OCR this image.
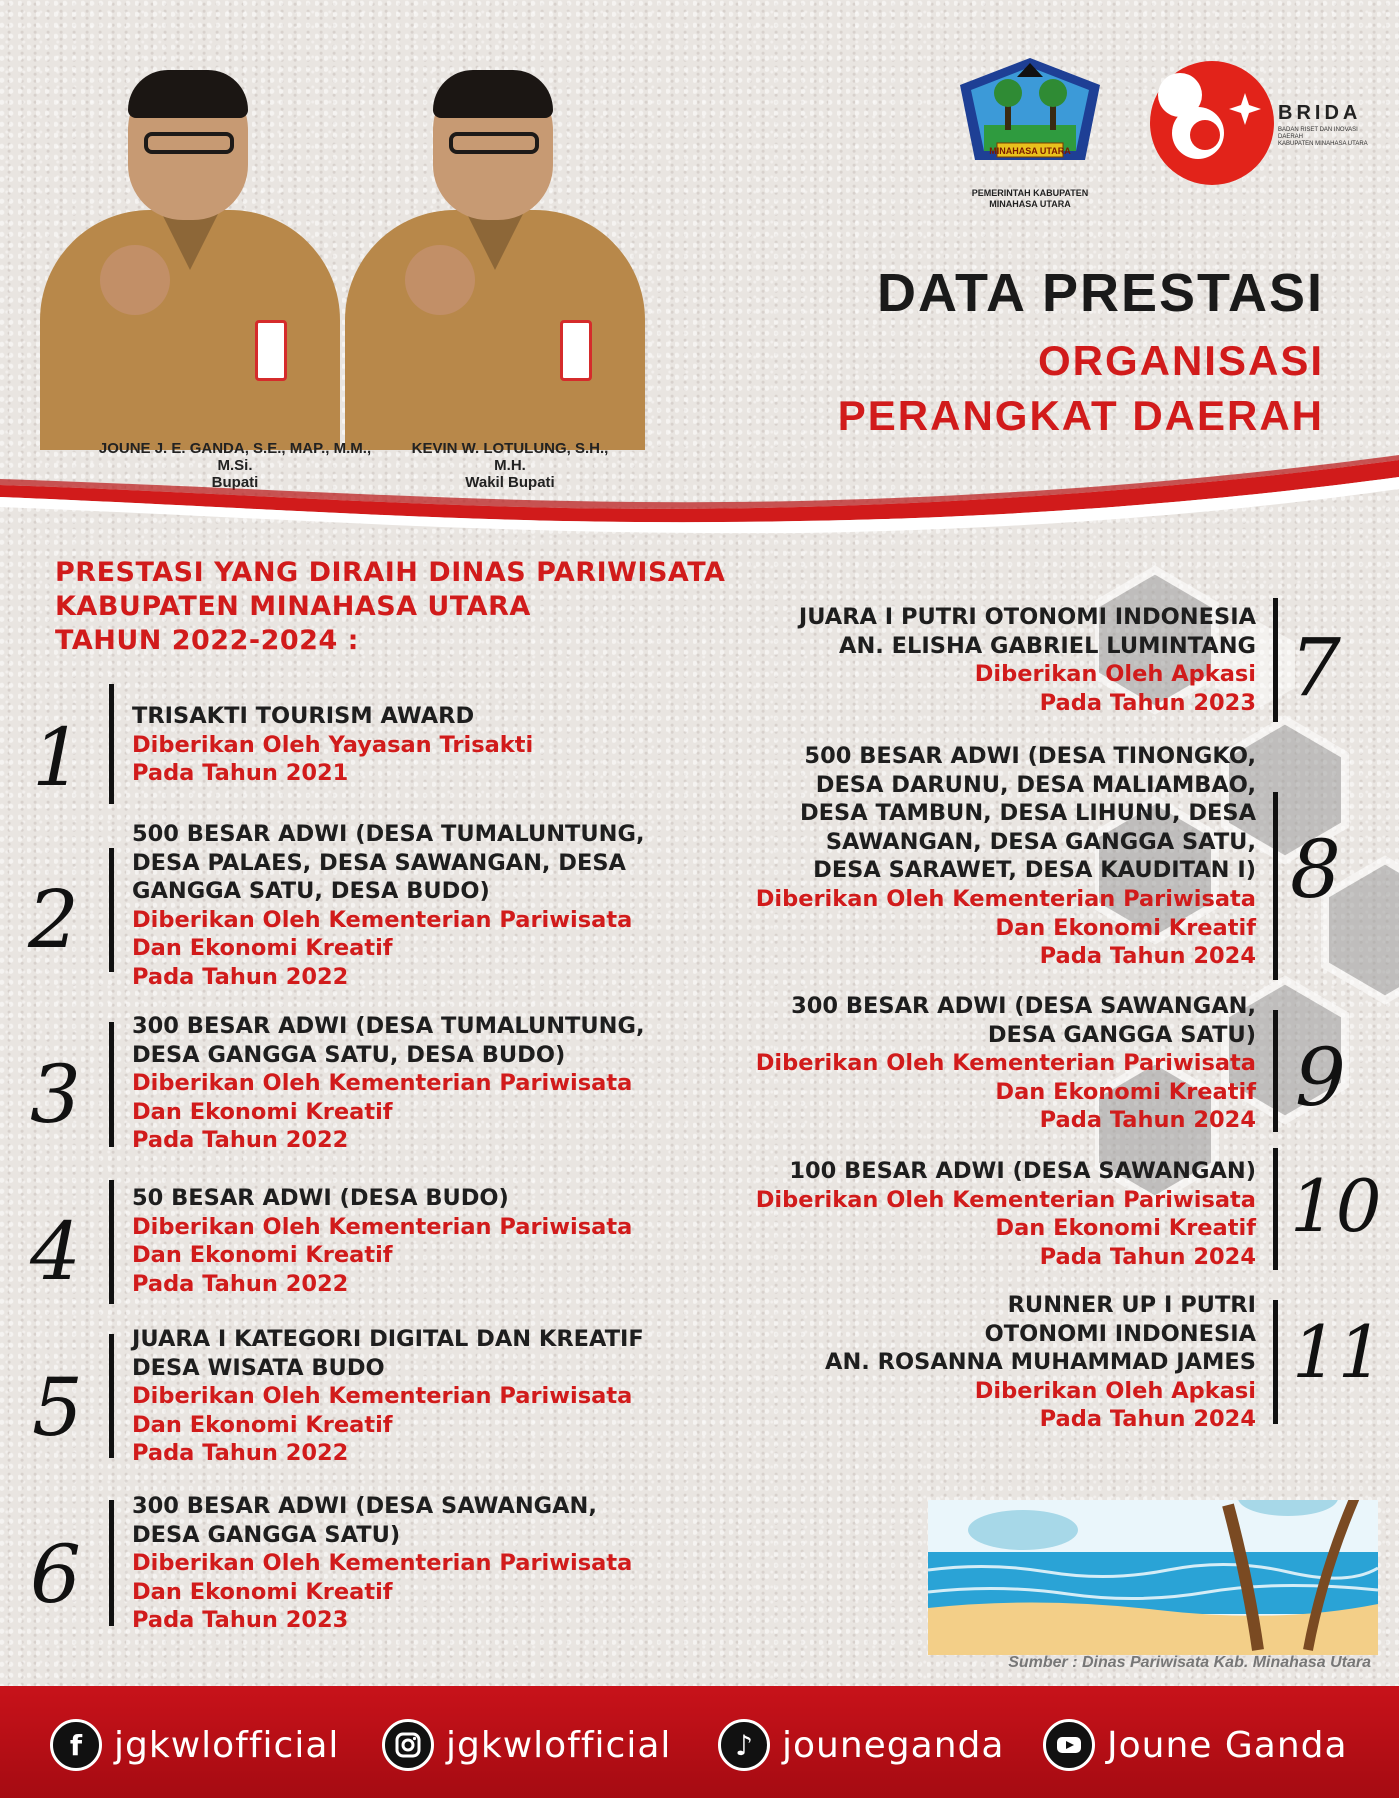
JOUNE J. E. GANDA, S.E., MAP., M.M., M.Si.
Bupati
KEVIN W. LOTULUNG, S.H., M.H.
Wakil Bupati
MINAHASA UTARA
PEMERINTAH KABUPATEN
MINAHASA UTARA
BRIDA
BADAN RISET DAN INOVASI DAERAH
KABUPATEN MINAHASA UTARA
DATA PRESTASI
ORGANISASI
PERANGKAT DAERAH
PRESTASI YANG DIRAIH DINAS PARIWISATA
KABUPATEN MINAHASA UTARA
TAHUN 2022-2024 :
1 TRISAKTI TOURISM AWARD
Diberikan Oleh Yayasan Trisakti
Pada Tahun 2021
2
500 BESAR ADWI (DESA TUMALUNTUNG,
DESA PALAES, DESA SAWANGAN, DESA
GANGGA SATU, DESA BUDO)
Diberikan Oleh Kementerian Pariwisata
Dan Ekonomi Kreatif
Pada Tahun 2022
3
300 BESAR ADWI (DESA TUMALUNTUNG,
DESA GANGGA SATU, DESA BUDO)
Diberikan Oleh Kementerian Pariwisata
Dan Ekonomi Kreatif
Pada Tahun 2022
4
50 BESAR ADWI (DESA BUDO)
Diberikan Oleh Kementerian Pariwisata
Dan Ekonomi Kreatif
Pada Tahun 2022
5
JUARA I KATEGORI DIGITAL DAN KREATIF
DESA WISATA BUDO
Diberikan Oleh Kementerian Pariwisata
Dan Ekonomi Kreatif
Pada Tahun 2022
6
300 BESAR ADWI (DESA SAWANGAN,
DESA GANGGA SATU)
Diberikan Oleh Kementerian Pariwisata
Dan Ekonomi Kreatif
Pada Tahun 2023
7
JUARA I PUTRI OTONOMI INDONESIA
AN. ELISHA GABRIEL LUMINTANG
Diberikan Oleh Apkasi
Pada Tahun 2023
8
500 BESAR ADWI (DESA TINONGKO,
DESA DARUNU, DESA MALIAMBAO,
DESA TAMBUN, DESA LIHUNU, DESA
SAWANGAN, DESA GANGGA SATU,
DESA SARAWET, DESA KAUDITAN I)
Diberikan Oleh Kementerian Pariwisata
Dan Ekonomi Kreatif
Pada Tahun 2024
9
300 BESAR ADWI (DESA SAWANGAN,
DESA GANGGA SATU)
Diberikan Oleh Kementerian Pariwisata
Dan Ekonomi Kreatif
Pada Tahun 2024
10
100 BESAR ADWI (DESA SAWANGAN)
Diberikan Oleh Kementerian Pariwisata
Dan Ekonomi Kreatif
Pada Tahun 2024
11
RUNNER UP I PUTRI
OTONOMI INDONESIA
AN. ROSANNA MUHAMMAD JAMES
Diberikan Oleh Apkasi
Pada Tahun 2024
Sumber : Dinas Pariwisata Kab. Minahasa Utara
f jgkwlofficial	jgkwlofficial ♪ jouneganda	Joune Ganda
